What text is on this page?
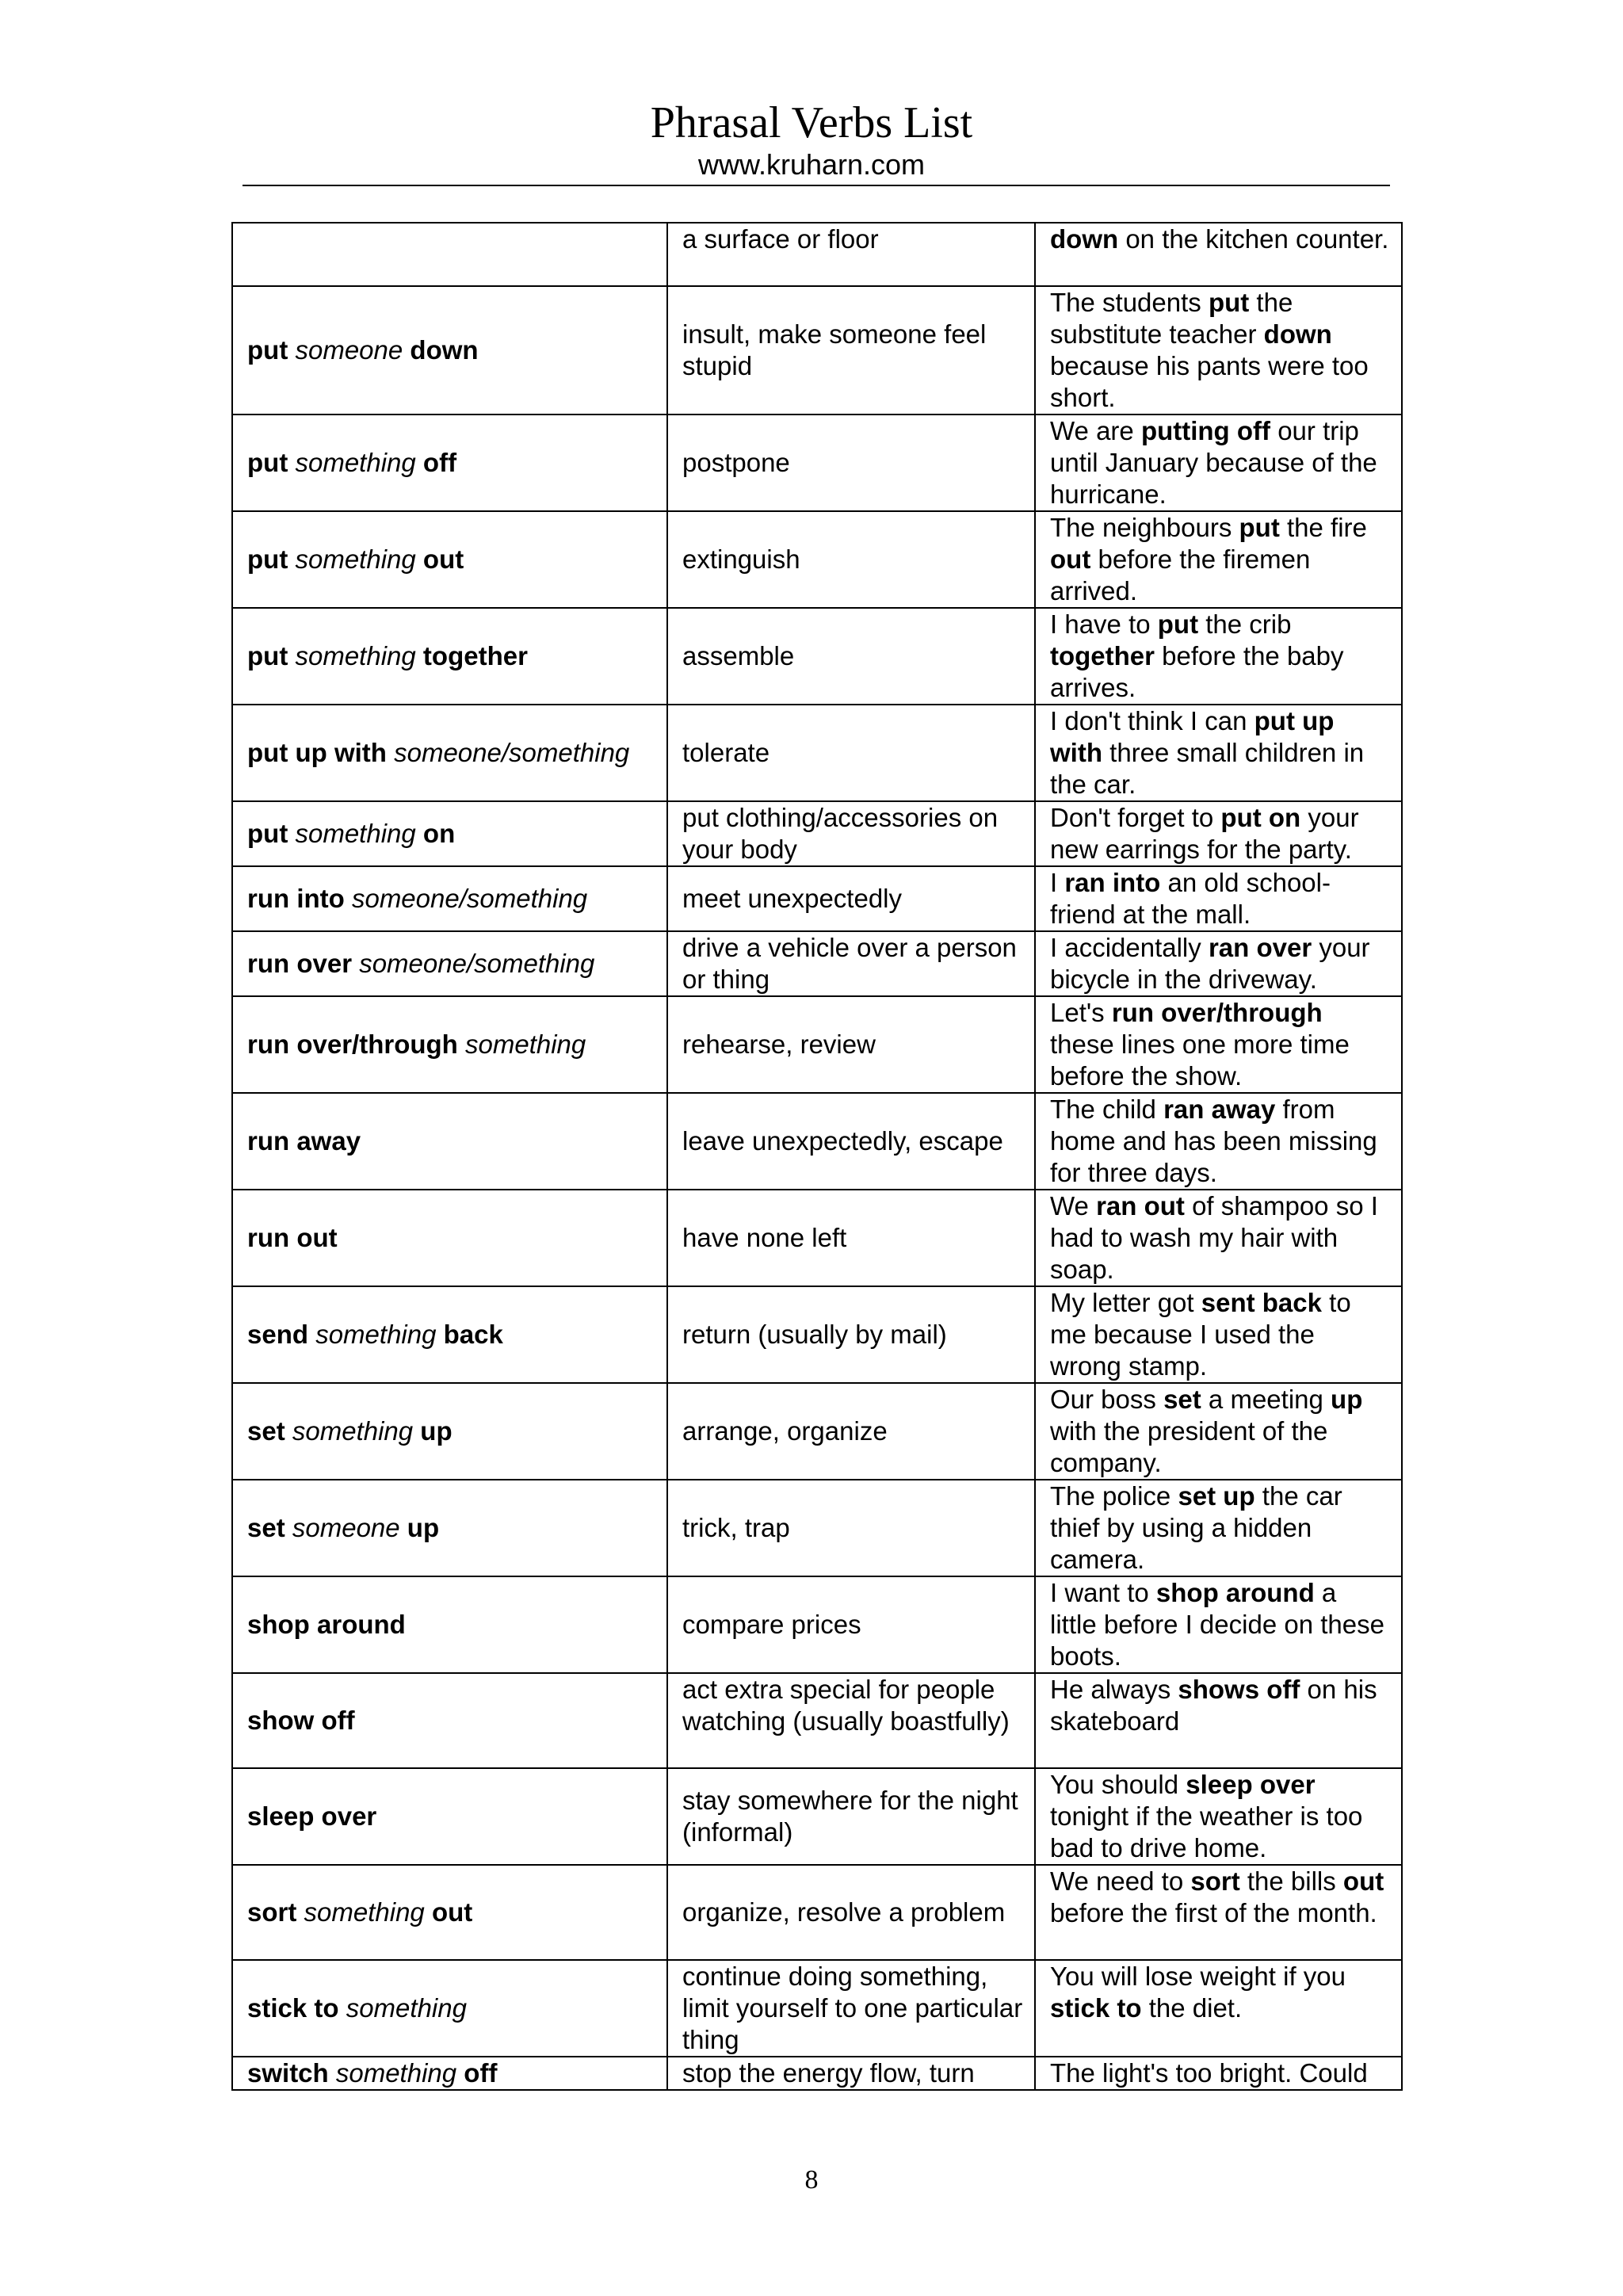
Phrasal Verbs List
www.kruharn.com
	a surface or floor	down on the kitchen counter.
put someone down	insult, make someone feel stupid	The students put the substitute teacher down because his pants were too short.
put something off	postpone	We are putting off our trip until January because of the hurricane.
put something out	extinguish	The neighbours put the fire out before the firemen arrived.
put something together	assemble	I have to put the crib together before the baby arrives.
put up with someone/something	tolerate	I don't think I can put up with three small children in the car.
put something on	put clothing/accessories on your body	Don't forget to put on your new earrings for the party.
run into someone/something	meet unexpectedly	I ran into an old school-friend at the mall.
run over someone/something	drive a vehicle over a person or thing	I accidentally ran over your bicycle in the driveway.
run over/through something	rehearse, review	Let's run over/through these lines one more time before the show.
run away	leave unexpectedly, escape	The child ran away from home and has been missing for three days.
run out	have none left	We ran out of shampoo so I had to wash my hair with soap.
send something back	return (usually by mail)	My letter got sent back to me because I used the wrong stamp.
set something up	arrange, organize	Our boss set a meeting up with the president of the company.
set someone up	trick, trap	The police set up the car thief by using a hidden camera.
shop around	compare prices	I want to shop around a little before I decide on these boots.
show off	act extra special for people watching (usually boastfully)	He always shows off on his skateboard
sleep over	stay somewhere for the night (informal)	You should sleep over tonight if the weather is too bad to drive home.
sort something out	organize, resolve a problem	We need to sort the bills out before the first of the month.
stick to something	continue doing something, limit yourself to one particular thing	You will lose weight if you stick to the diet.
switch something off	stop the energy flow, turn	The light's too bright. Could
8
